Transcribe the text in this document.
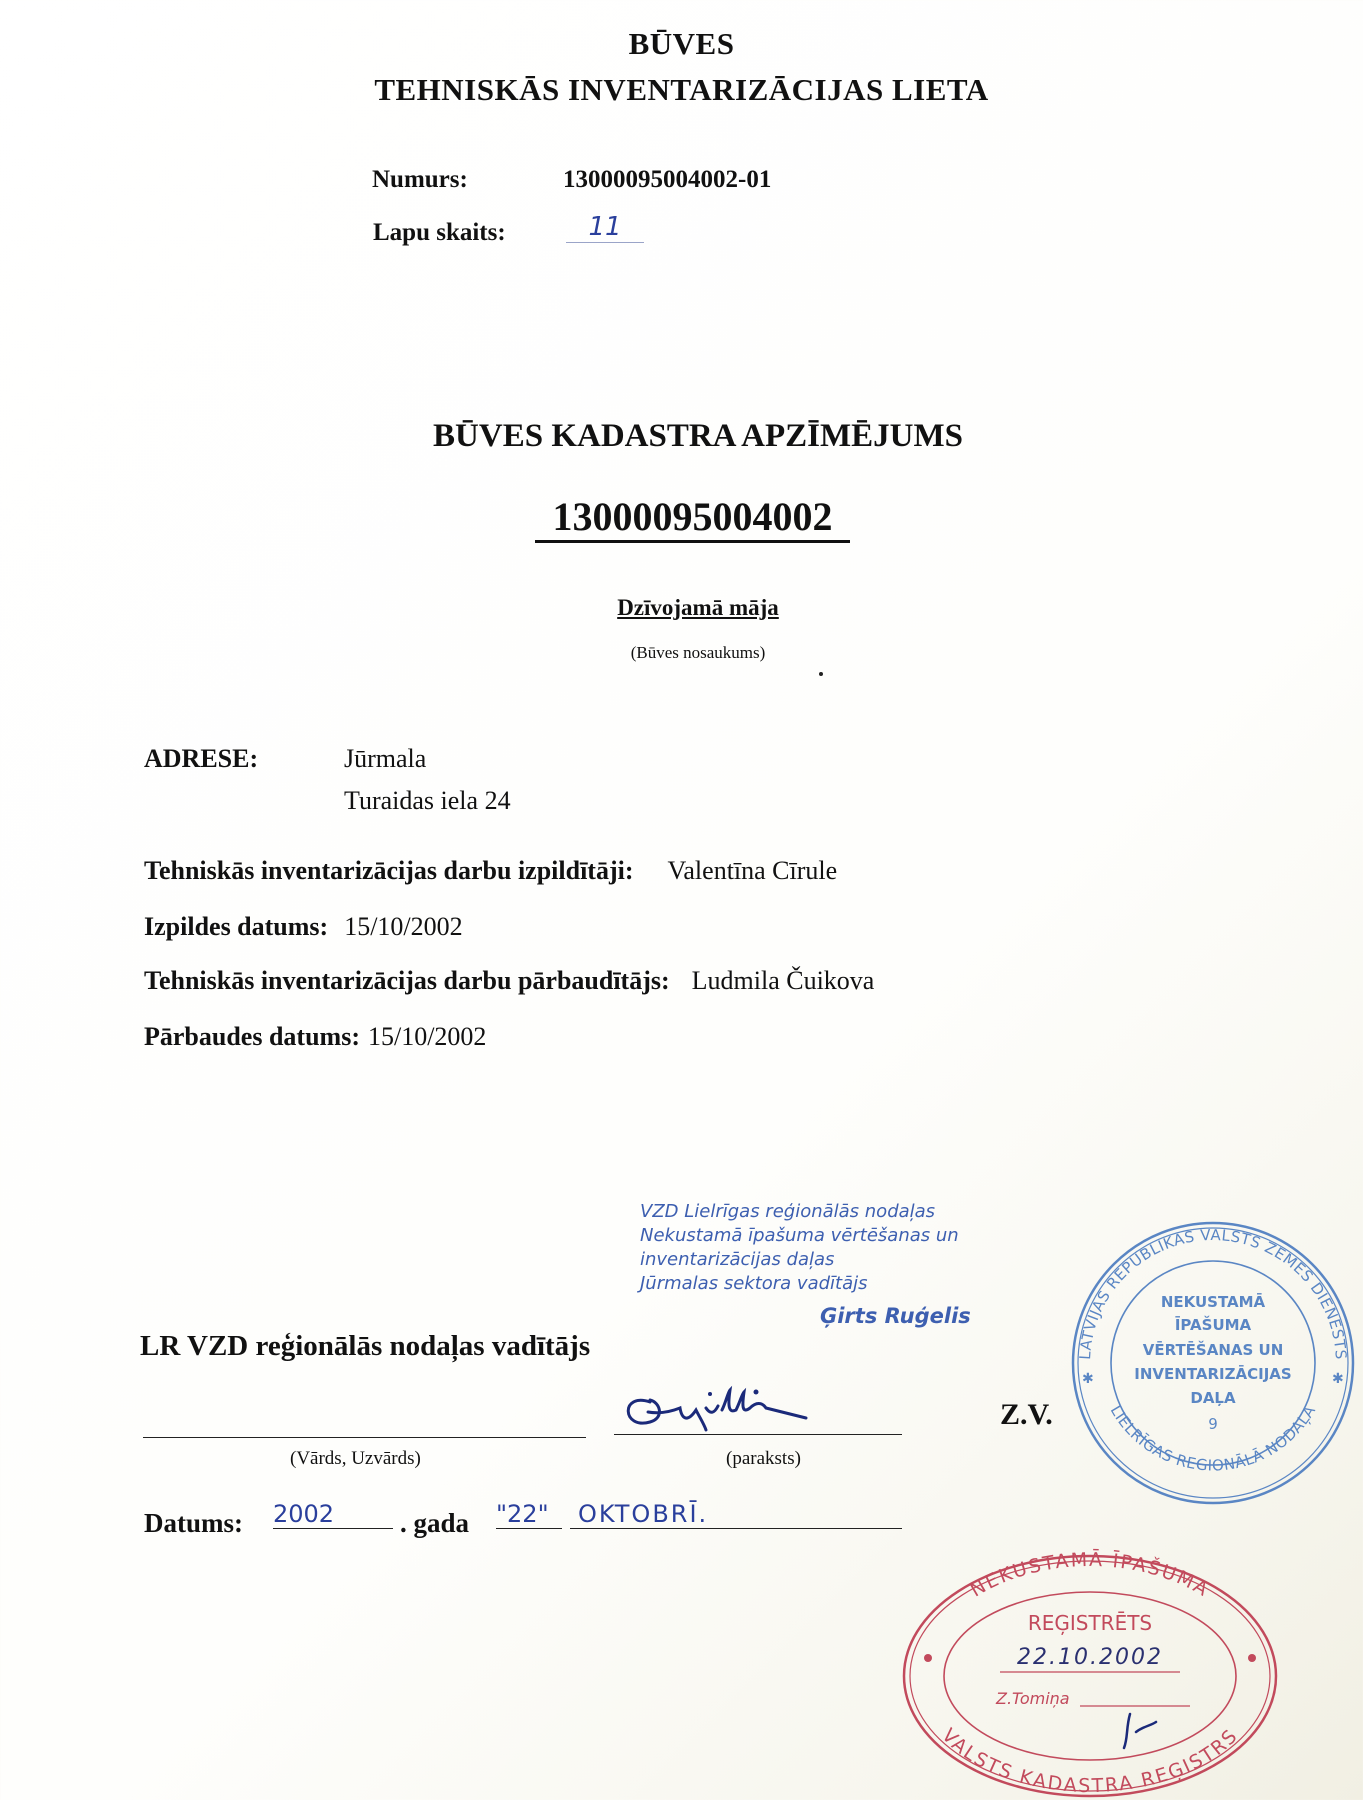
BŪVES
TEHNISKĀS INVENTARIZĀCIJAS LIETA
Numurs:	13000095004002-01
Lapu skaits:	11
BŪVES KADASTRA APZĪMĒJUMS
13000095004002
Dzīvojamā māja
(Būves nosaukums)
ADRESE:	Jūrmala
Turaidas iela 24
Tehniskās inventarizācijas darbu izpildītāji: Valentīna Cīrule
Izpildes datums: 15/10/2002
Tehniskās inventarizācijas darbu pārbaudītājs: Ludmila Čuikova
Pārbaudes datums: 15/10/2002
VZD Lielrīgas reģionālās nodaļas
Nekustamā īpašuma vērtēšanas un
inventarizācijas daļas
Jūrmalas sektora vadītājs
Ģirts Ruģelis
LR VZD reģionālās nodaļas vadītājs
(Vārds, Uzvārds)	(paraksts)
Z.V.
LATVIJAS REPUBLIKAS VALSTS ZEMES DIENESTS
LIELRĪGAS REGIONĀLĀ NODAĻA
✱	✱
NEKUSTAMĀ
ĪPAŠUMA
VĒRTĒŠANAS UN
INVENTARIZĀCIJAS
DAĻA
9
Datums: 2002	. gada "22"	OKTOBRĪ.
NEKUSTAMĀ ĪPAŠUMA
VALSTS KADASTRA REĢISTRS
REĢISTRĒTS
22.10.2002
Z.Tomiņa
